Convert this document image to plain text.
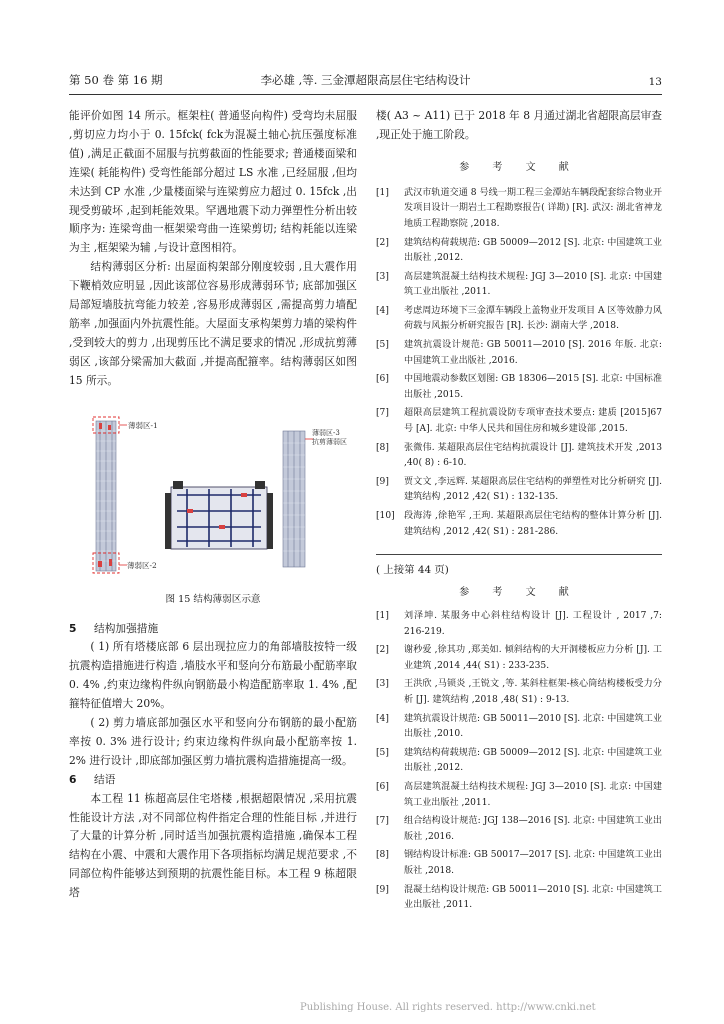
第 50 卷 第 16 期	李必雄 ,等. 三金潭超限高层住宅结构设计	13

能评价如图 14 所示。框架柱( 普通竖向构件) 受弯均未屈服 ,剪切应力均小于 0. 15fck( fck为混凝土轴心抗压强度标准值) ,满足正截面不屈服与抗剪截面的性能要求; 普通楼面梁和连梁( 耗能构件) 受弯性能部分超过 LS 水准 ,已经屈服 ,但均未达到 CP 水准 ,少量楼面梁与连梁剪应力超过 0. 15fck ,出现受剪破坏 ,起到耗能效果。罕遇地震下动力弹塑性分析出较顺序为: 连梁弯曲一框架梁弯曲一连梁剪切; 结构耗能以连梁为主 ,框架梁为辅 ,与设计意图相符。

结构薄弱区分析: 出屋面构架部分刚度较弱 ,且大震作用下鞭梢效应明显 ,因此该部位容易形成薄弱环节; 底部加强区局部短墙肢抗弯能力较差 ,容易形成薄弱区 ,需提高剪力墙配筋率 ,加强面内外抗震性能。大屋面支承构架剪力墙的梁构件 ,受到较大的剪力 ,出现剪压比不满足要求的情况 ,形成抗剪薄弱区 ,该部分梁需加大截面 ,并提高配箍率。结构薄弱区如图 15 所示。

薄弱区-1
薄弱区-2
薄弱区-3
抗剪薄弱区
图 15 结构薄弱区示意

5 结构加强措施

( 1) 所有塔楼底部 6 层出现拉应力的角部墙肢按特一级抗震构造措施进行构造 ,墙肢水平和竖向分布筋最小配筋率取 0. 4% ,约束边缘构件纵向钢筋最小构造配筋率取 1. 4% ,配箍特征值增大 20%。

( 2) 剪力墙底部加强区水平和竖向分布钢筋的最小配筋率按 0. 3% 进行设计; 约束边缘构件纵向最小配筋率按 1. 2% 进行设计 ,即底部加强区剪力墙抗震构造措施提高一级。

6 结语

本工程 11 栋超高层住宅塔楼 ,根据超限情况 ,采用抗震性能设计方法 ,对不同部位构件指定合理的性能目标 ,并进行了大量的计算分析 ,同时适当加强抗震构造措施 ,确保本工程结构在小震、中震和大震作用下各项指标均满足规范要求 ,不同部位构件能够达到预期的抗震性能目标。本工程 9 栋超限塔

楼( A3 ~ A11) 已于 2018 年 8 月通过湖北省超限高层审查 ,现正处于施工阶段。

参 考 文 献
[1]	武汉市轨道交通 8 号线一期工程三金潭站车辆段配套综合物业开发项目设计一期岩土工程勘察报告( 详勘) [R]. 武汉: 湖北省神龙地质工程勘察院 ,2018.
[2]	建筑结构荷载规范: GB 50009—2012 [S]. 北京: 中国建筑工业出版社 ,2012.
[3]	高层建筑混凝土结构技术规程: JGJ 3—2010 [S]. 北京: 中国建筑工业出版社 ,2011.
[4]	考虑周边环境下三金潭车辆段上盖物业开发项目 A 区等效静力风荷载与风振分析研究报告 [R]. 长沙: 湖南大学 ,2018.
[5]	建筑抗震设计规范: GB 50011—2010 [S]. 2016 年版. 北京: 中国建筑工业出版社 ,2016.
[6]	中国地震动参数区划图: GB 18306—2015 [S]. 北京: 中国标准出版社 ,2015.
[7]	超限高层建筑工程抗震设防专项审查技术要点: 建质 [2015]67 号 [A]. 北京: 中华人民共和国住房和城乡建设部 ,2015.
[8]	张微伟. 某超限高层住宅结构抗震设计 [J]. 建筑技术开发 ,2013 ,40( 8) : 6-10.
[9]	贾文文 ,李远辉. 某超限高层住宅结构的弹塑性对比分析研究 [J]. 建筑结构 ,2012 ,42( S1) : 132-135.
[10]	段海涛 ,徐艳军 ,王珣. 某超限高层住宅结构的整体计算分析 [J]. 建筑结构 ,2012 ,42( S1) : 281-286.

( 上接第 44 页)

参 考 文 献
[1]	刘泽坤. 某服务中心斜柱结构设计 [J]. 工程设计 , 2017 ,7: 216-219.
[2]	谢秒爱 ,徐其功 ,郑美如. 倾斜结构的大开洞楼板应力分析 [J]. 工业建筑 ,2014 ,44( S1) : 233-235.
[3]	王洪欣 ,马锁炎 ,王锐文 ,等. 某斜柱框架-核心筒结构楼板受力分析 [J]. 建筑结构 ,2018 ,48( S1) : 9-13.
[4]	建筑抗震设计规范: GB 50011—2010 [S]. 北京: 中国建筑工业出版社 ,2010.
[5]	建筑结构荷载规范: GB 50009—2012 [S]. 北京: 中国建筑工业出版社 ,2012.
[6]	高层建筑混凝土结构技术规程: JGJ 3—2010 [S]. 北京: 中国建筑工业出版社 ,2011.
[7]	组合结构设计规范: JGJ 138—2016 [S]. 北京: 中国建筑工业出版社 ,2016.
[8]	钢结构设计标准: GB 50017—2017 [S]. 北京: 中国建筑工业出版社 ,2018.
[9]	混凝土结构设计规范: GB 50011—2010 [S]. 北京: 中国建筑工业出版社 ,2011.
Publishing House. All rights reserved. http://www.cnki.net
